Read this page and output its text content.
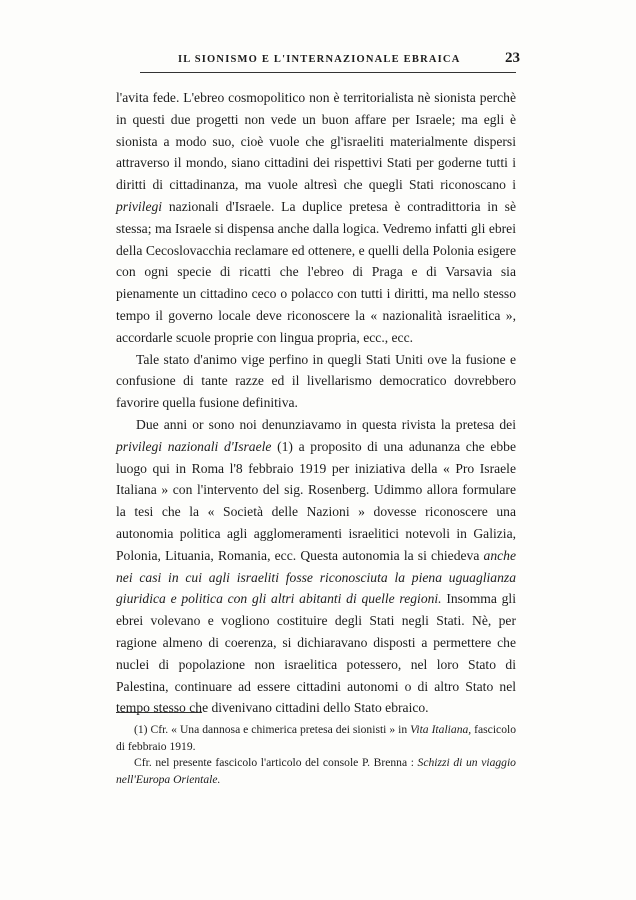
IL SIONISMO E L'INTERNAZIONALE EBRAICA	23

l'avita fede. L'ebreo cosmopolitico non è territorialista nè sionista perchè in questi due progetti non vede un buon affare per Israele; ma egli è sionista a modo suo, cioè vuole che gl'israeliti materialmente dispersi attraverso il mondo, siano cittadini dei rispettivi Stati per goderne tutti i diritti di cittadinanza, ma vuole altresì che quegli Stati riconoscano i privilegi nazionali d'Israele. La duplice pretesa è contradittoria in sè stessa; ma Israele si dispensa anche dalla logica. Vedremo infatti gli ebrei della Cecoslovacchia reclamare ed ottenere, e quelli della Polonia esigere con ogni specie di ricatti che l'ebreo di Praga e di Varsavia sia pienamente un cittadino ceco o polacco con tutti i diritti, ma nello stesso tempo il governo locale deve riconoscere la « nazionalità israelitica », accordarle scuole proprie con lingua propria, ecc., ecc.

Tale stato d'animo vige perfino in quegli Stati Uniti ove la fusione e confusione di tante razze ed il livellarismo democratico dovrebbero favorire quella fusione definitiva.

Due anni or sono noi denunziavamo in questa rivista la pretesa dei privilegi nazionali d'Israele (1) a proposito di una adunanza che ebbe luogo qui in Roma l'8 febbraio 1919 per iniziativa della « Pro Israele Italiana » con l'intervento del sig. Rosenberg. Udimmo allora formulare la tesi che la « Società delle Nazioni » dovesse riconoscere una autonomia politica agli agglomeramenti israelitici notevoli in Galizia, Polonia, Lituania, Romania, ecc. Questa autonomia la si chiedeva anche nei casi in cui agli israeliti fosse riconosciuta la piena uguaglianza giuridica e politica con gli altri abitanti di quelle regioni. Insomma gli ebrei volevano e vogliono costituire degli Stati negli Stati. Nè, per ragione almeno di coerenza, si dichiaravano disposti a permettere che nuclei di popolazione non israelitica potessero, nel loro Stato di Palestina, continuare ad essere cittadini autonomi o di altro Stato nel tempo stesso che divenivano cittadini dello Stato ebraico.

(1) Cfr. « Una dannosa e chimerica pretesa dei sionisti » in Vita Italiana, fascicolo di febbraio 1919.

Cfr. nel presente fascicolo l'articolo del console P. Brenna : Schizzi di un viaggio nell'Europa Orientale.
